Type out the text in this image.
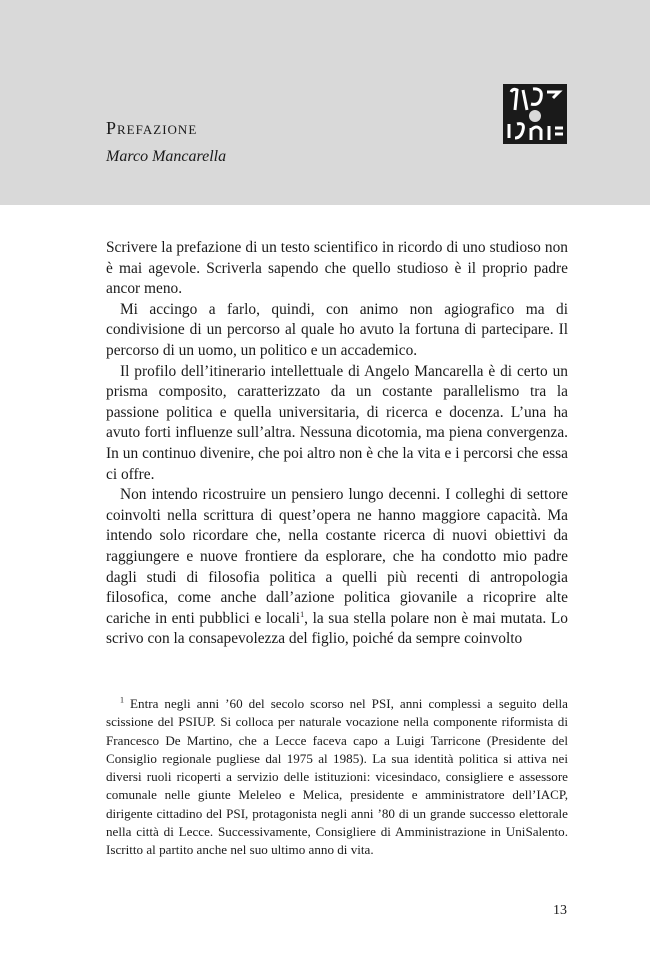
Prefazione
Marco Mancarella

Scrivere la prefazione di un testo scientifico in ricordo di uno studioso non è mai agevole. Scriverla sapendo che quello studioso è il proprio padre ancor meno.

Mi accingo a farlo, quindi, con animo non agiografico ma di condivisione di un percorso al quale ho avuto la fortuna di partecipare. Il percorso di un uomo, un politico e un accademico.

Il profilo dell’itinerario intellettuale di Angelo Mancarella è di certo un prisma composito, caratterizzato da un costante parallelismo tra la passione politica e quella universitaria, di ricerca e docenza. L’una ha avuto forti influenze sull’altra. Nessuna dicotomia, ma piena convergenza. In un continuo divenire, che poi altro non è che la vita e i percorsi che essa ci offre.

Non intendo ricostruire un pensiero lungo decenni. I colleghi di settore coinvolti nella scrittura di quest’opera ne hanno maggiore capacità. Ma intendo solo ricordare che, nella costante ricerca di nuovi obiettivi da raggiungere e nuove frontiere da esplorare, che ha condotto mio padre dagli studi di filosofia politica a quelli più recenti di antropologia filosofica, come anche dall’azione politica giovanile a ricoprire alte cariche in enti pubblici e locali$^1$, la sua stella polare non è mai mutata. Lo scrivo con la consapevolezza del figlio, poiché da sempre coinvolto

$^1$ Entra negli anni ’60 del secolo scorso nel PSI, anni complessi a seguito della scissione del PSIUP. Si colloca per naturale vocazione nella componente riformista di Francesco De Martino, che a Lecce faceva capo a Luigi Tarricone (Presidente del Consiglio regionale pugliese dal 1975 al 1985). La sua identità politica si attiva nei diversi ruoli ricoperti a servizio delle istituzioni: vicesindaco, consigliere e assessore comunale nelle giunte Meleleo e Melica, presidente e amministratore dell’IACP, dirigente cittadino del PSI, protagonista negli anni ’80 di un grande successo elettorale nella città di Lecce. Successivamente, Consigliere di Amministrazione in UniSalento. Iscritto al partito anche nel suo ultimo anno di vita.

13
